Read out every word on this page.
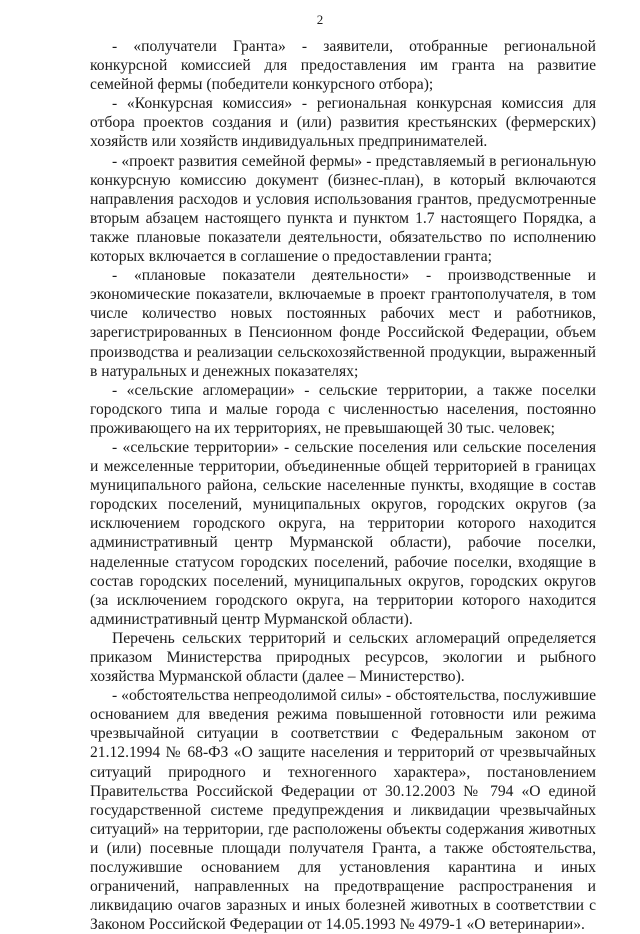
2

- «получатели Гранта» - заявители, отобранные региональной конкурсной комиссией для предоставления им гранта на развитие семейной фермы (победители конкурсного отбора);

- «Конкурсная комиссия» - региональная конкурсная комиссия для отбора проектов создания и (или) развития крестьянских (фермерских) хозяйств или хозяйств индивидуальных предпринимателей.

- «проект развития семейной фермы» - представляемый в региональную конкурсную комиссию документ (бизнес-план), в который включаются направления расходов и условия использования грантов, предусмотренные вторым абзацем настоящего пункта и пунктом 1.7 настоящего Порядка, а также плановые показатели деятельности, обязательство по исполнению которых включается в соглашение о предоставлении гранта;

- «плановые показатели деятельности» - производственные и экономические показатели, включаемые в проект грантополучателя, в том числе количество новых постоянных рабочих мест и работников, зарегистрированных в Пенсионном фонде Российской Федерации, объем производства и реализации сельскохозяйственной продукции, выраженный в натуральных и денежных показателях;

- «сельские агломерации» - сельские территории, а также поселки городского типа и малые города с численностью населения, постоянно проживающего на их территориях, не превышающей 30 тыс. человек;

- «сельские территории» - сельские поселения или сельские поселения и межселенные территории, объединенные общей территорией в границах муниципального района, сельские населенные пункты, входящие в состав городских поселений, муниципальных округов, городских округов (за исключением городского округа, на территории которого находится административный центр Мурманской области), рабочие поселки, наделенные статусом городских поселений, рабочие поселки, входящие в состав городских поселений, муниципальных округов, городских округов (за исключением городского округа, на территории которого находится административный центр Мурманской области).

Перечень сельских территорий и сельских агломераций определяется приказом Министерства природных ресурсов, экологии и рыбного хозяйства Мурманской области (далее – Министерство).

- «обстоятельства непреодолимой силы» - обстоятельства, послужившие основанием для введения режима повышенной готовности или режима чрезвычайной ситуации в соответствии с Федеральным законом от 21.12.1994 № 68-ФЗ «О защите населения и территорий от чрезвычайных ситуаций природного и техногенного характера», постановлением Правительства Российской Федерации от 30.12.2003 № 794 «О единой государственной системе предупреждения и ликвидации чрезвычайных ситуаций» на территории, где расположены объекты содержания животных и (или) посевные площади получателя Гранта, а также обстоятельства, послужившие основанием для установления карантина и иных ограничений, направленных на предотвращение распространения и ликвидацию очагов заразных и иных болезней животных в соответствии с Законом Российской Федерации от 14.05.1993 № 4979-1 «О ветеринарии».
